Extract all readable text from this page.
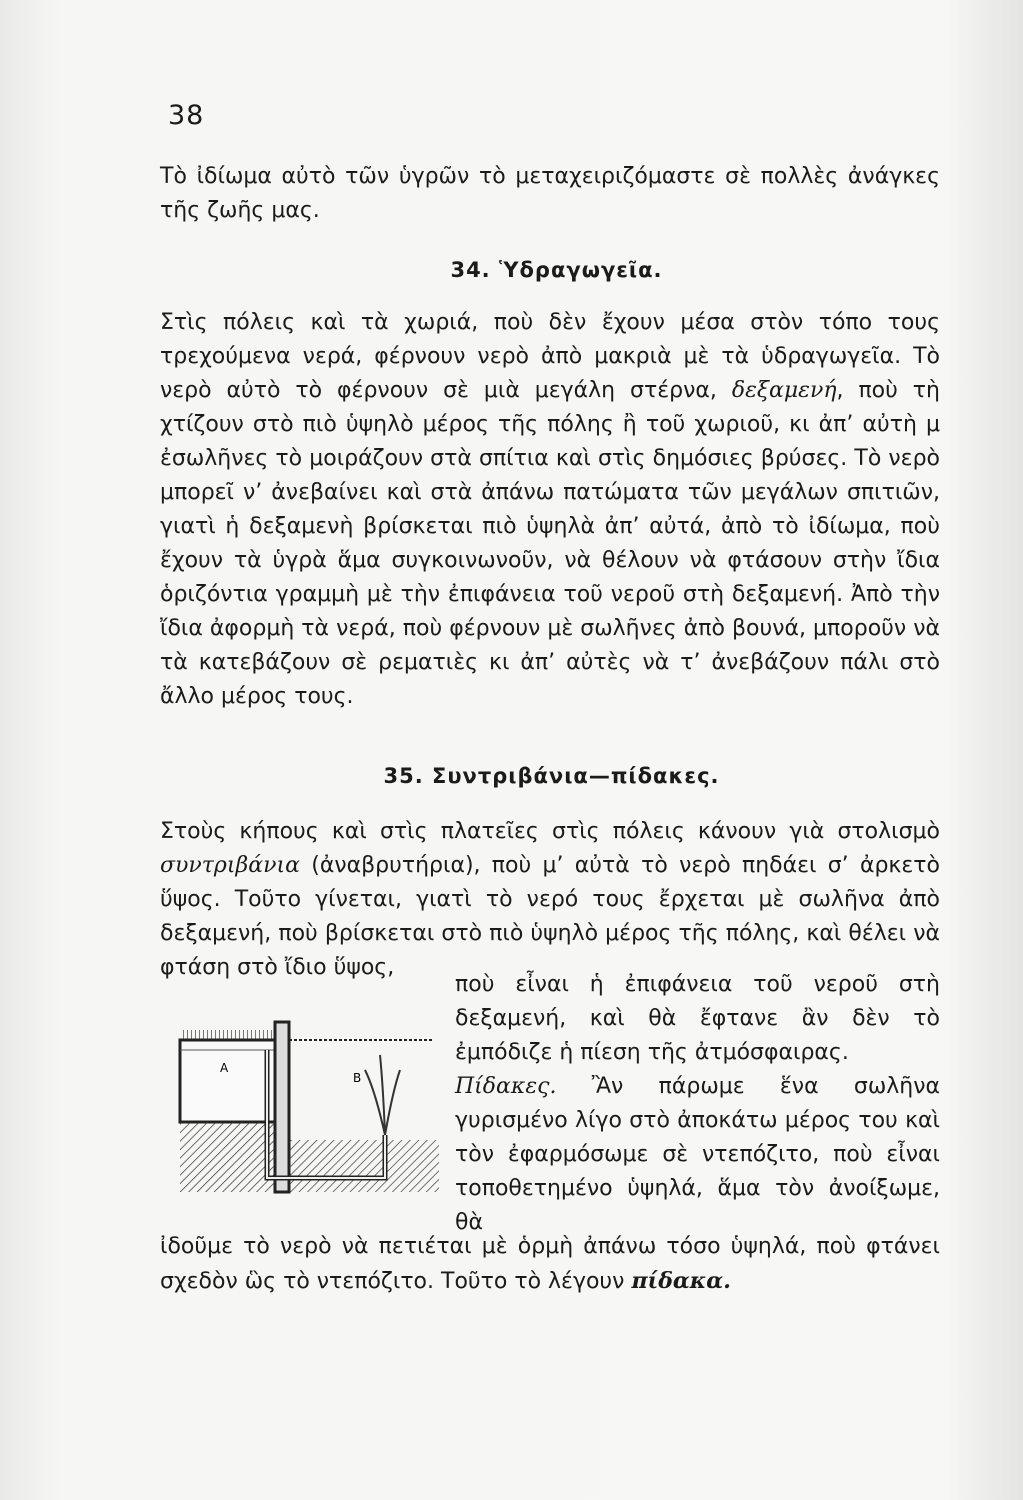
38

Τὸ ἰδίωμα αὐτὸ τῶν ὑγρῶν τὸ μεταχειριζόμαστε σὲ πολλὲς ἀνάγκες τῆς ζωῆς μας.

34. Ὑδραγωγεῖα.

Στὶς πόλεις καὶ τὰ χωριά, ποὺ δὲν ἔχουν μέσα στὸν τόπο τους τρεχούμενα νερά, φέρνουν νερὸ ἀπὸ μακριὰ μὲ τὰ ὑδραγωγεῖα. Τὸ νερὸ αὐτὸ τὸ φέρνουν σὲ μιὰ μεγάλη στέρνα, δεξαμενή, ποὺ τὴ χτίζουν στὸ πιὸ ὑψηλὸ μέρος τῆς πόλης ἢ τοῦ χωριοῦ, κι ἀπ’ αὐτὴ μ ἐσωλῆνες τὸ μοιράζουν στὰ σπίτια καὶ στὶς δημόσιες βρύσες. Τὸ νερὸ μπορεῖ ν’ ἀνεβαίνει καὶ στὰ ἀπάνω πατώματα τῶν μεγάλων σπιτιῶν, γιατὶ ἡ δεξαμενὴ βρίσκεται πιὸ ὑψηλὰ ἀπ’ αὐτά, ἀπὸ τὸ ἰδίωμα, ποὺ ἔχουν τὰ ὑγρὰ ἅμα συγκοινωνοῦν, νὰ θέλουν νὰ φτάσουν στὴν ἴδια ὁριζόντια γραμμὴ μὲ τὴν ἐπιφάνεια τοῦ νεροῦ στὴ δεξαμενή. Ἀπὸ τὴν ἴδια ἀφορμὴ τὰ νερά, ποὺ φέρνουν μὲ σωλῆνες ἀπὸ βουνά, μποροῦν νὰ τὰ κατεβάζουν σὲ ρεματιὲς κι ἀπ’ αὐτὲς νὰ τ’ ἀνεβάζουν πάλι στὸ ἄλλο μέρος τους.

35. Συντριβάνια—πίδακες.

Στοὺς κήπους καὶ στὶς πλατεῖες στὶς πόλεις κάνουν γιὰ στολισμὸ συντριβάνια (ἀναβρυτήρια), ποὺ μ’ αὐτὰ τὸ νερὸ πηδάει σ’ ἀρκετὸ ὕψος. Τοῦτο γίνεται, γιατὶ τὸ νερό τους ἔρχεται μὲ σωλῆνα ἀπὸ δεξαμενή, ποὺ βρίσκεται στὸ πιὸ ὑψηλὸ μέρος τῆς πόλης, καὶ θέλει νὰ φτάση στὸ ἴδιο ὕψος,

Α
Β

ποὺ εἶναι ἡ ἐπιφάνεια τοῦ νεροῦ στὴ δεξαμενή, καὶ θὰ ἔφτανε ἂν δὲν τὸ ἐμπόδιζε ἡ πίεση τῆς ἀτμόσφαιρας.

Πίδακες. Ἂν πάρωμε ἕνα σωλῆνα γυρισμένο λίγο στὸ ἀποκάτω μέρος του καὶ τὸν ἐφαρμόσωμε σὲ ντεπόζιτο, ποὺ εἶναι τοποθετημένο ὑψηλά, ἅμα τὸν ἀνοίξωμε, θὰ

ἰδοῦμε τὸ νερὸ νὰ πετιέται μὲ ὁρμὴ ἀπάνω τόσο ὑψηλά, ποὺ φτάνει σχεδὸν ὣς τὸ ντεπόζιτο. Τοῦτο τὸ λέγουν πίδακα.
